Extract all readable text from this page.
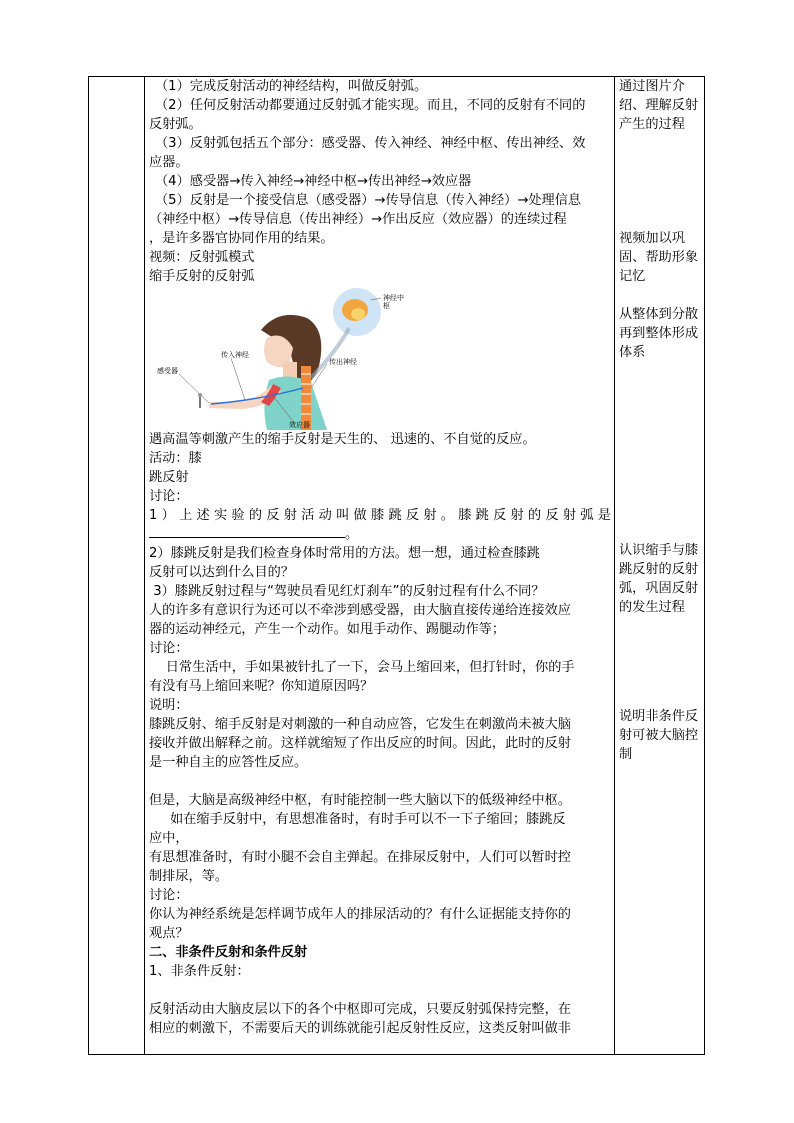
（1）完成反射活动的神经结构，叫做反射弧。

（2）任何反射活动都要通过反射弧才能实现。而且，不同的反射有不同的

反射弧。

（3）反射弧包括五个部分：感受器、传入神经、神经中枢、传出神经、效

应器。

（4）感受器→传入神经→神经中枢→传出神经→效应器

（5）反射是一个接受信息（感受器）→传导信息（传入神经）→处理信息

（神经中枢）→传导信息（传出神经）→作出反应（效应器）的连续过程

，是许多器官协同作用的结果。

视频：反射弧模式

缩手反射的反射弧

神经中枢
传入神经
传出神经
感受器
效应器

遇高温等刺激产生的缩手反射是天生的、 迅速的、不自觉的反应。

活动：膝

跳反射

讨论：

1）上述实验的反射活动叫做膝跳反射。膝跳反射的反射弧是

。

2）膝跳反射是我们检查身体时常用的方法。想一想，通过检查膝跳

反射可以达到什么目的？

3）膝跳反射过程与“驾驶员看见红灯刹车”的反射过程有什么不同？

人的许多有意识行为还可以不牵涉到感受器，由大脑直接传递给连接效应

器的运动神经元，产生一个动作。如甩手动作、踢腿动作等；

讨论：

日常生活中，手如果被针扎了一下，会马上缩回来，但打针时，你的手

有没有马上缩回来呢？你知道原因吗？

说明：

膝跳反射、缩手反射是对刺激的一种自动应答，它发生在刺激尚未被大脑

接收并做出解释之前。这样就缩短了作出反应的时间。因此，此时的反射

是一种自主的应答性反应。

但是，大脑是高级神经中枢，有时能控制一些大脑以下的低级神经中枢。

如在缩手反射中，有思想准备时，有时手可以不一下子缩回；膝跳反

应中，

有思想准备时，有时小腿不会自主弹起。在排尿反射中，人们可以暂时控

制排尿，等。

讨论：

你认为神经系统是怎样调节成年人的排尿活动的？有什么证据能支持你的

观点？

二、非条件反射和条件反射

1、非条件反射：

反射活动由大脑皮层以下的各个中枢即可完成，只要反射弧保持完整，在

相应的刺激下，不需要后天的训练就能引起反射性反应，这类反射叫做非

通过图片介绍、理解反射产生的过程
视频加以巩固、帮助形象记忆
从整体到分散再到整体形成体系
认识缩手与膝跳反射的反射弧，巩固反射的发生过程
说明非条件反射可被大脑控制
